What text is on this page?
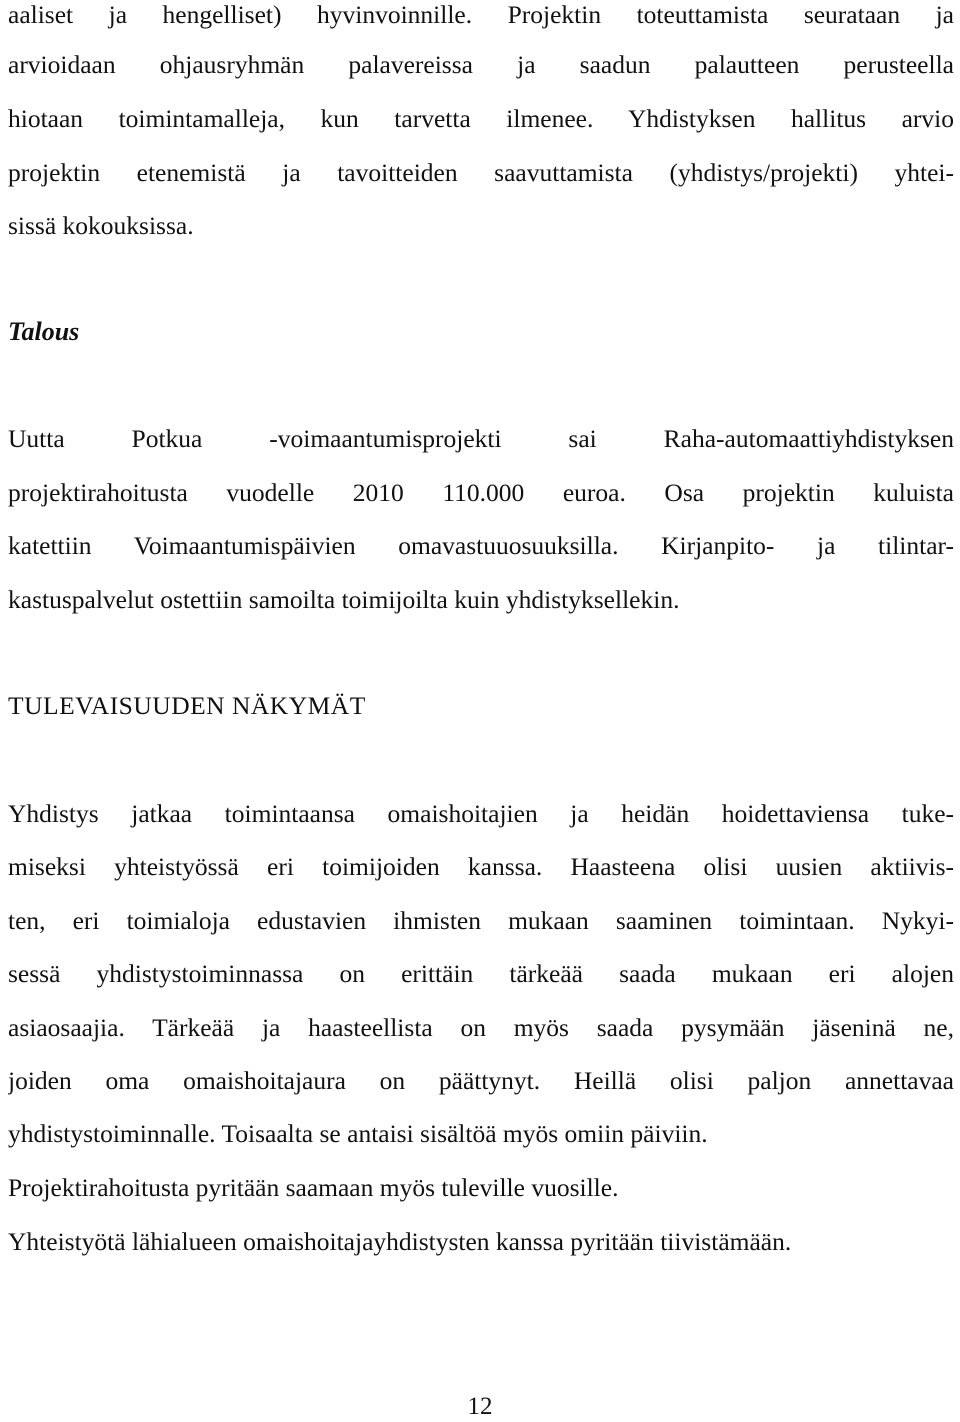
aaliset ja hengelliset) hyvinvoinnille. Projektin toteuttamista seurataan ja
arvioidaan ohjausryhmän palavereissa ja saadun palautteen perusteella
hiotaan toimintamalleja, kun tarvetta ilmenee. Yhdistyksen hallitus arvio
projektin etenemistä ja tavoitteiden saavuttamista (yhdistys/projekti) yhtei-
sissä kokouksissa.
Talous
Uutta Potkua -voimaantumisprojekti sai Raha-automaattiyhdistyksen
projektirahoitusta vuodelle 2010 110.000 euroa. Osa projektin kuluista
katettiin Voimaantumispäivien omavastuuosuuksilla. Kirjanpito- ja tilintar-
kastuspalvelut ostettiin samoilta toimijoilta kuin yhdistyksellekin.
TULEVAISUUDEN NÄKYMÄT
Yhdistys jatkaa toimintaansa omaishoitajien ja heidän hoidettaviensa tuke-
miseksi yhteistyössä eri toimijoiden kanssa. Haasteena olisi uusien aktiivis-
ten, eri toimialoja edustavien ihmisten mukaan saaminen toimintaan. Nykyi-
sessä yhdistystoiminnassa on erittäin tärkeää saada mukaan eri alojen
asiaosaajia. Tärkeää ja haasteellista on myös saada pysymään jäseninä ne,
joiden oma omaishoitajaura on päättynyt. Heillä olisi paljon annettavaa
yhdistystoiminnalle. Toisaalta se antaisi sisältöä myös omiin päiviin.
Projektirahoitusta pyritään saamaan myös tuleville vuosille.
Yhteistyötä lähialueen omaishoitajayhdistysten kanssa pyritään tiivistämään.
12
